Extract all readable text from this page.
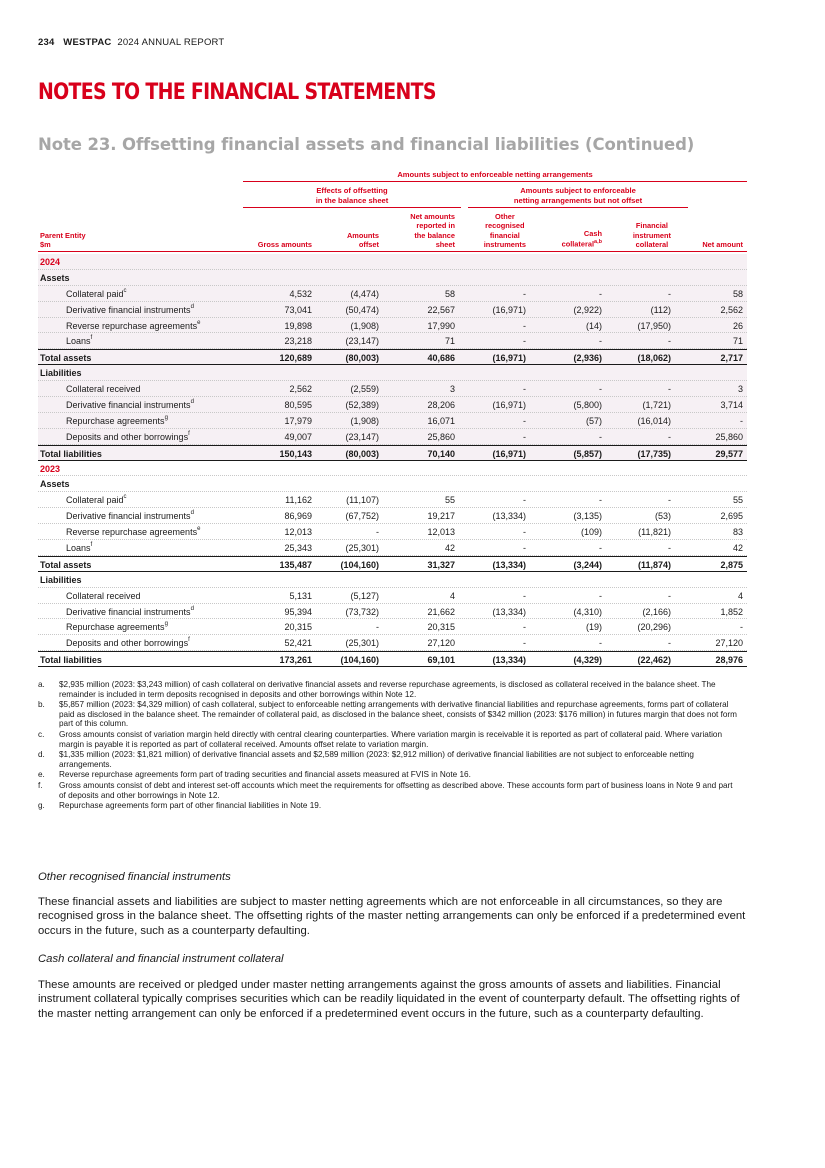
234 WESTPAC 2024 ANNUAL REPORT
NOTES TO THE FINANCIAL STATEMENTS
Note 23. Offsetting financial assets and financial liabilities (Continued)
Amounts subject to enforceable netting arrangements
Effects of offsetting
in the balance sheet
Amounts subject to enforceable
netting arrangements but not offset
Parent Entity
$m	Gross amounts
Amounts
offset
Net amounts
reported in
the balance
sheet
Other
recognised
financial
instruments
Cash
collateral$^{a,b}$
Financial
instrument
collateral	Net amount
2024
Assets
Collateral paid$^c$	4,532	(4,474)	58	-	-	-	58
Derivative financial instruments$^d$	73,041	(50,474)	22,567	(16,971)	(2,922)	(112)	2,562
Reverse repurchase agreements$^e$	19,898	(1,908)	17,990	-	(14)	(17,950)	26
Loans$^f$	23,218	(23,147)	71	-	-	-	71
Total assets	120,689	(80,003)	40,686	(16,971)	(2,936)	(18,062)	2,717
Liabilities
Collateral received	2,562	(2,559)	3	-	-	-	3
Derivative financial instruments$^d$	80,595	(52,389)	28,206	(16,971)	(5,800)	(1,721)	3,714
Repurchase agreements$^g$	17,979	(1,908)	16,071	-	(57)	(16,014)	-
Deposits and other borrowings$^f$	49,007	(23,147)	25,860	-	-	-	25,860
Total liabilities	150,143	(80,003)	70,140	(16,971)	(5,857)	(17,735)	29,577
2023
Assets
Collateral paid$^c$	11,162	(11,107)	55	-	-	-	55
Derivative financial instruments$^d$	86,969	(67,752)	19,217	(13,334)	(3,135)	(53)	2,695
Reverse repurchase agreements$^e$	12,013	-	12,013	-	(109)	(11,821)	83
Loans$^f$	25,343	(25,301)	42	-	-	-	42
Total assets	135,487	(104,160)	31,327	(13,334)	(3,244)	(11,874)	2,875
Liabilities
Collateral received	5,131	(5,127)	4	-	-	-	4
Derivative financial instruments$^d$	95,394	(73,732)	21,662	(13,334)	(4,310)	(2,166)	1,852
Repurchase agreements$^g$	20,315	-	20,315	-	(19)	(20,296)	-
Deposits and other borrowings$^f$	52,421	(25,301)	27,120	-	-	-	27,120
Total liabilities	173,261	(104,160)	69,101	(13,334)	(4,329)	(22,462)	28,976
a. $2,935 million (2023: $3,243 million) of cash collateral on derivative financial assets and reverse repurchase agreements, is disclosed as collateral received in the balance sheet. The remainder is included in term deposits recognised in deposits and other borrowings within Note 12.
b. $5,857 million (2023: $4,329 million) of cash collateral, subject to enforceable netting arrangements with derivative financial liabilities and repurchase agreements, forms part of collateral paid as disclosed in the balance sheet. The remainder of collateral paid, as disclosed in the balance sheet, consists of $342 million (2023: $176 million) in futures margin that does not form part of this column.
c. Gross amounts consist of variation margin held directly with central clearing counterparties. Where variation margin is receivable it is reported as part of collateral paid. Where variation margin is payable it is reported as part of collateral received. Amounts offset relate to variation margin.
d. $1,335 million (2023: $1,821 million) of derivative financial assets and $2,589 million (2023: $2,912 million) of derivative financial liabilities are not subject to enforceable netting arrangements.
e. Reverse repurchase agreements form part of trading securities and financial assets measured at FVIS in Note 16.
f. Gross amounts consist of debt and interest set-off accounts which meet the requirements for offsetting as described above. These accounts form part of business loans in Note 9 and part of deposits and other borrowings in Note 12.
g. Repurchase agreements form part of other financial liabilities in Note 19.
Other recognised financial instruments
These financial assets and liabilities are subject to master netting agreements which are not enforceable in all circumstances, so they are recognised gross in the balance sheet. The offsetting rights of the master netting arrangements can only be enforced if a predetermined event occurs in the future, such as a counterparty defaulting.
Cash collateral and financial instrument collateral
These amounts are received or pledged under master netting arrangements against the gross amounts of assets and liabilities. Financial instrument collateral typically comprises securities which can be readily liquidated in the event of counterparty default. The offsetting rights of the master netting arrangement can only be enforced if a predetermined event occurs in the future, such as a counterparty defaulting.
